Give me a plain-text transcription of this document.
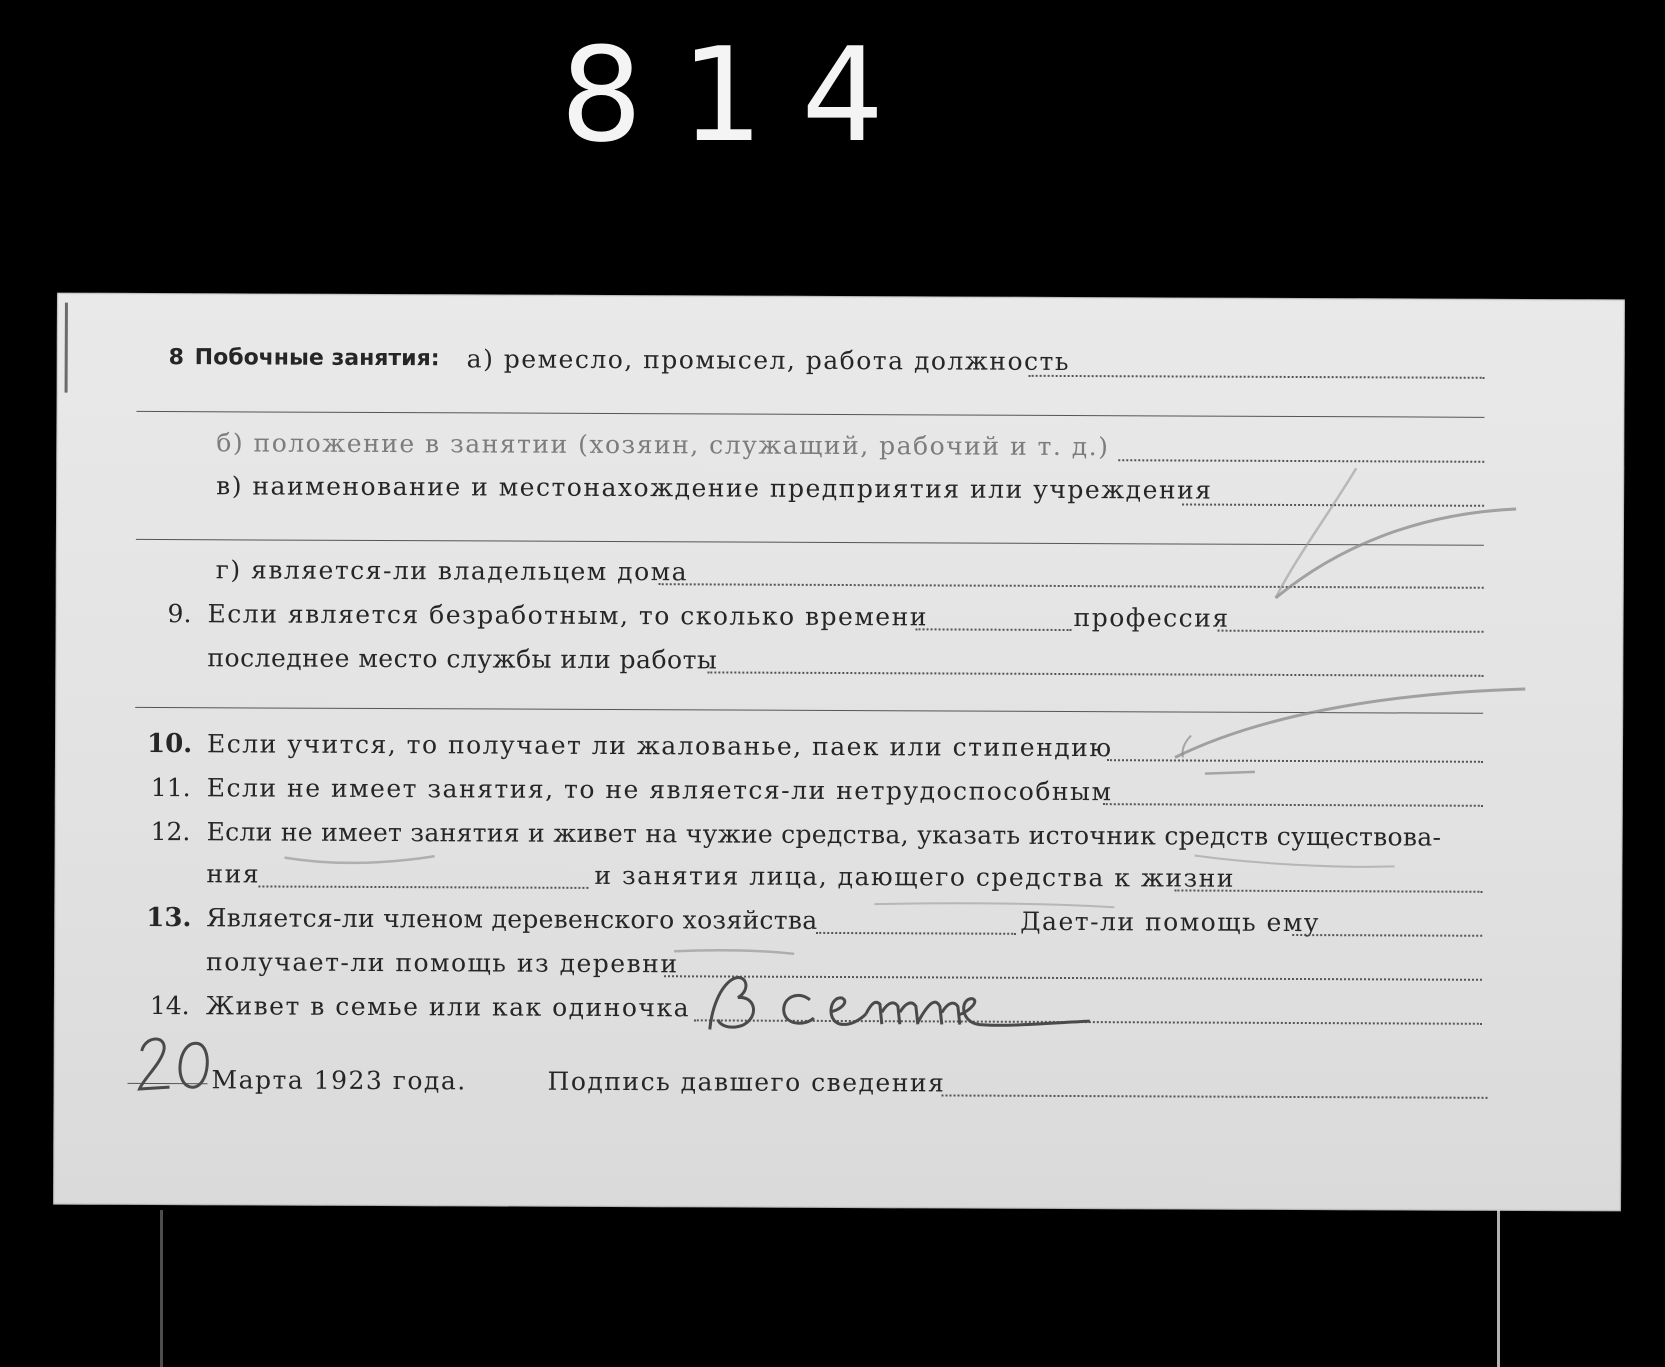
814
8 Побочные занятия: а) ремесло, промысел, работа должность
б) положение в занятии (хозяин, служащий, рабочий и т. д.)
в) наименование и местонахождение предприятия или учреждения
г) является-ли владельцем дома
9. Если является безработным, то сколько времени	профессия
последнее место службы или работы
10. Если учится, то получает ли жалованье, паек или стипендию
11. Если не имеет занятия, то не является-ли нетрудоспособным
12. Если не имеет занятия и живет на чужие средства, указать источник средств существова-
ния	и занятия лица, дающего средства к жизни
13. Является-ли членом деревенского хозяйства	Дает-ли помощь ему
получает-ли помощь из деревни
14. Живет в семье или как одиночка
Марта 1923 года.	Подпись давшего сведения
